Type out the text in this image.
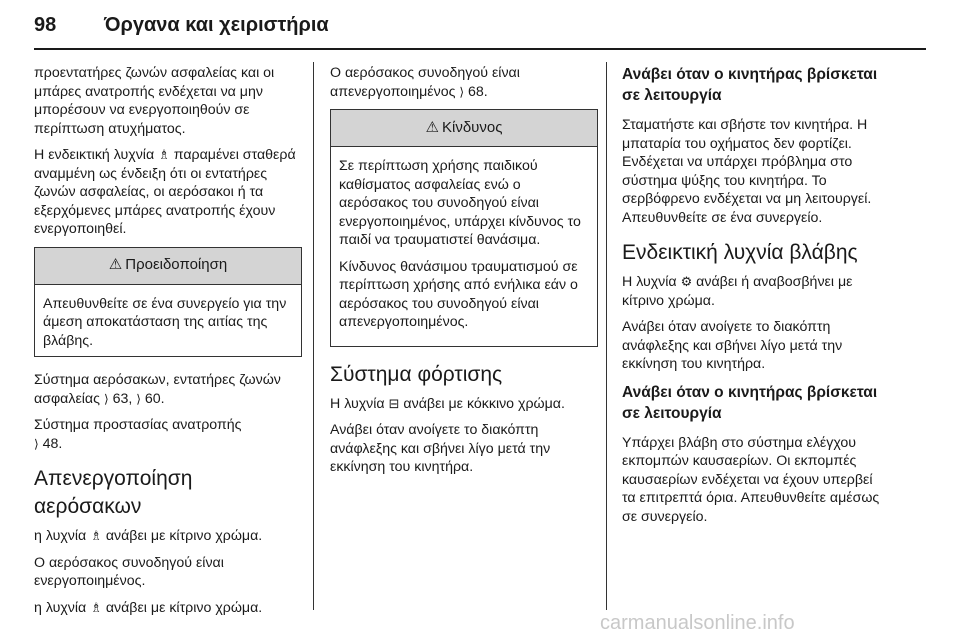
98 Όργανα και χειριστήρια

προεντατήρες ζωνών ασφαλείας και οι μπάρες ανατροπής ενδέχεται να μην μπορέσουν να ενεργοποιηθούν σε περίπτωση ατυχήματος.

Η ενδεικτική λυχνία ♗ παραμένει σταθερά αναμμένη ως ένδειξη ότι οι εντατήρες ζωνών ασφαλείας, οι αερόσακοι ή τα εξερχόμενες μπάρες ανατροπής έχουν ενεργοποιηθεί.

⚠ Προειδοποίηση
Απευθυνθείτε σε ένα συνεργείο για την άμεση αποκατάσταση της αιτίας της βλάβης.

Σύστημα αερόσακων, εντατήρες ζωνών ασφαλείας ⟩ 63, ⟩ 60.

Σύστημα προστασίας ανατροπής
⟩ 48.

Απενεργοποίηση αερόσακων

η λυχνία ♗ ανάβει με κίτρινο χρώμα.

Ο αερόσακος συνοδηγού είναι ενεργοποιημένος.

η λυχνία ♗ ανάβει με κίτρινο χρώμα.

Ο αερόσακος συνοδηγού είναι απενεργοποιημένος ⟩ 68.

⚠ Κίνδυνος

Σε περίπτωση χρήσης παιδικού καθίσματος ασφαλείας ενώ ο αερόσακος του συνοδηγού είναι ενεργοποιημένος, υπάρχει κίνδυνος το παιδί να τραυματιστεί θανάσιμα.

Κίνδυνος θανάσιμου τραυματισμού σε περίπτωση χρήσης από ενήλικα εάν ο αερόσακος του συνοδηγού είναι απενεργοποιημένος.

Σύστημα φόρτισης

Η λυχνία ⊟ ανάβει με κόκκινο χρώμα.

Ανάβει όταν ανοίγετε το διακόπτη ανάφλεξης και σβήνει λίγο μετά την εκκίνηση του κινητήρα.

Ανάβει όταν ο κινητήρας βρίσκεται σε λειτουργία

Σταματήστε και σβήστε τον κινητήρα. Η μπαταρία του οχήματος δεν φορτίζει. Ενδέχεται να υπάρχει πρόβλημα στο σύστημα ψύξης του κινητήρα. Το σερβόφρενο ενδέχεται να μη λειτουργεί. Απευθυνθείτε σε ένα συνεργείο.

Ενδεικτική λυχνία βλάβης

Η λυχνία ⚙ ανάβει ή αναβοσβήνει με κίτρινο χρώμα.

Ανάβει όταν ανοίγετε το διακόπτη ανάφλεξης και σβήνει λίγο μετά την εκκίνηση του κινητήρα.

Ανάβει όταν ο κινητήρας βρίσκεται σε λειτουργία

Υπάρχει βλάβη στο σύστημα ελέγχου εκπομπών καυσαερίων. Οι εκπομπές καυσαερίων ενδέχεται να έχουν υπερβεί τα επιτρεπτά όρια. Απευθυνθείτε αμέσως σε συνεργείο.

carmanualsonline.info
